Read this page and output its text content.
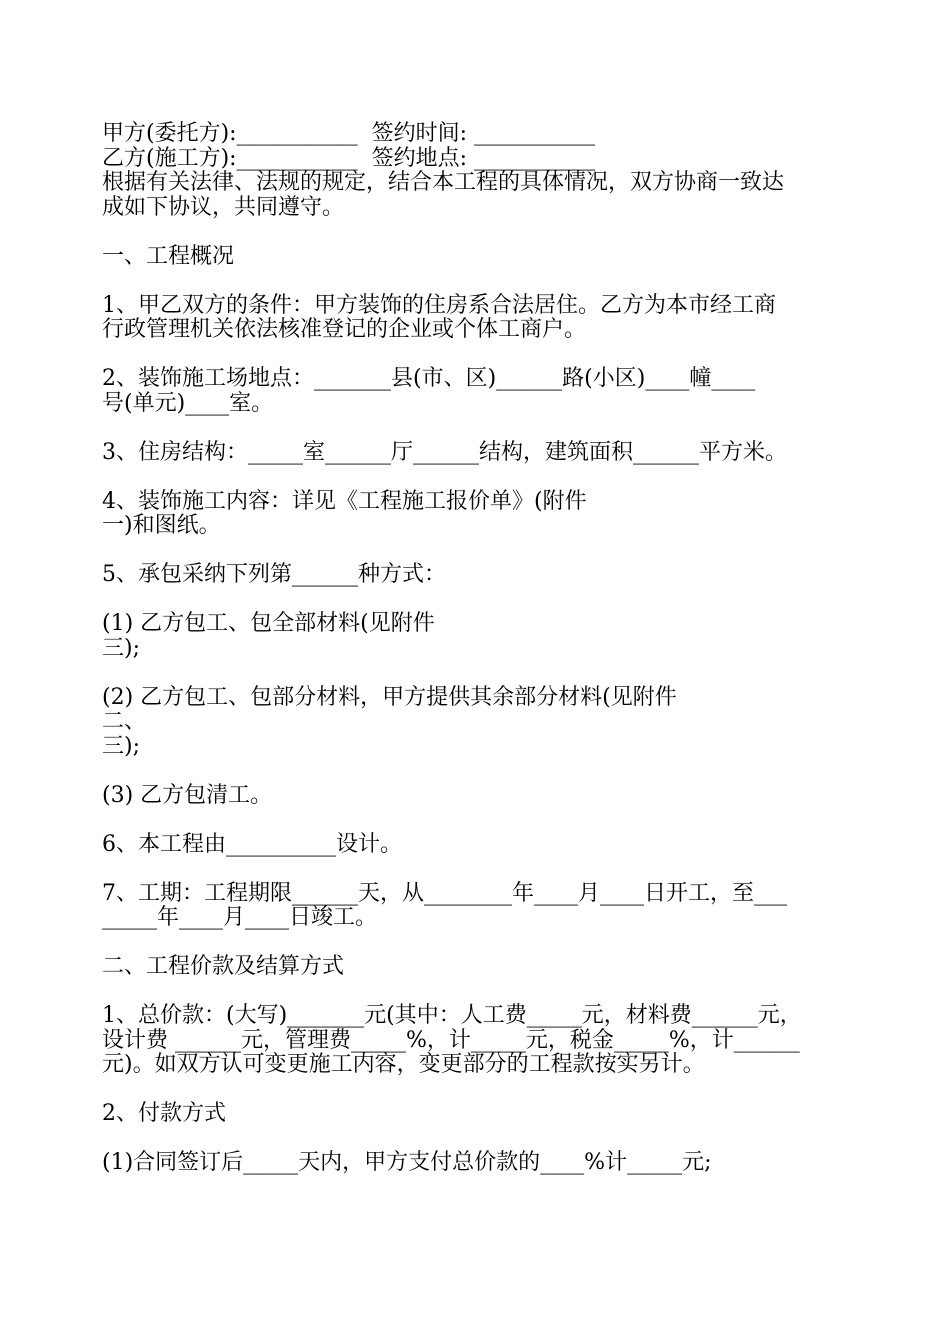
甲方(委托方):___________  签约时间: ___________

乙方(施工方):___________  签约地点: ___________

根据有关法律、法规的规定，结合本工程的具体情况，双方协商一致达

成如下协议，共同遵守。

一、工程概况

1、甲乙双方的条件：甲方装饰的住房系合法居住。乙方为本市经工商

行政管理机关依法核准登记的企业或个体工商户。

2、装饰施工场地点：_______县(市、区)______路(小区)____幢____

号(单元)____室。

3、住房结构：_____室______厅______结构，建筑面积______平方米。

4、装饰施工内容：详见《工程施工报价单》(附件

一)和图纸。

5、承包采纳下列第______种方式：

(1) 乙方包工、包全部材料(见附件

三);

(2) 乙方包工、包部分材料，甲方提供其余部分材料(见附件

二、

三);

(3) 乙方包清工。

6、本工程由__________设计。

7、工期：工程期限______天，从________年____月____日开工，至___

_____年____月____日竣工。

二、工程价款及结算方式

1、总价款：(大写)_______元(其中：人工费_____元，材料费______元，

设计费 ______元，管理费_____%，计_____元，税金_____%，计______

元)。如双方认可变更施工内容，变更部分的工程款按实另计。

2、付款方式

(1)合同签订后_____天内，甲方支付总价款的____%计_____元;
